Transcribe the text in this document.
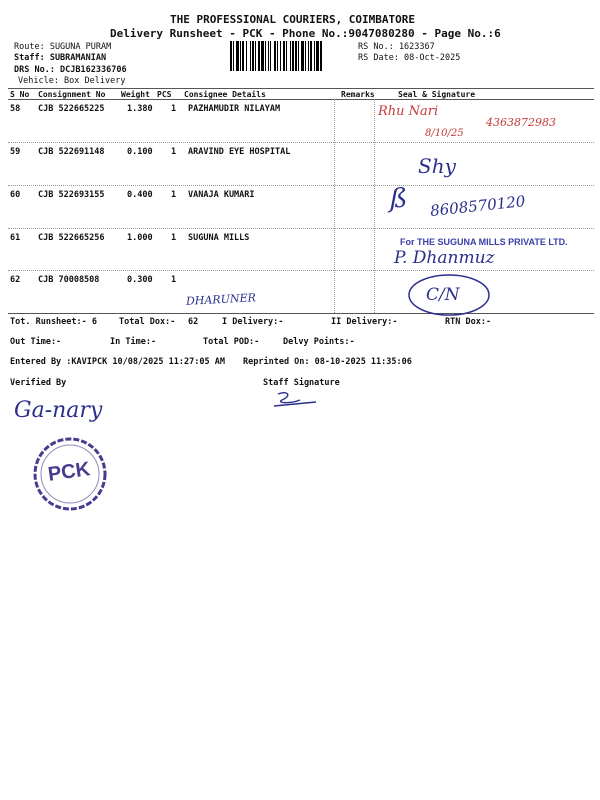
THE PROFESSIONAL COURIERS, COIMBATORE
Delivery Runsheet - PCK - Phone No.:9047080280 - Page No.:6
Route: SUGUNA PURAM
Staff: SUBRAMANIAN
DRS No.: DCJB162336706
Vehicle: Box Delivery
RS No.: 1623367
RS Date: 08-Oct-2025
S No Consignment No Weight PCS Consignee Details	Remarks	Seal & Signature
58 CJB 522665225	1.380 1 PAZHAMUDIR NILAYAM
59 CJB 522691148	0.100 1 ARAVIND EYE HOSPITAL
60 CJB 522693155	0.400 1 VANAJA KUMARI
61 CJB 522665256	1.000 1 SUGUNA MILLS
62 CJB 70008508	0.300 1
Rhu Nari
8/10/25
4363872983
Shy
ß 8608570120
For THE SUGUNA MILLS PRIVATE LTD.
P. Dhanmuz
DHARUNER	C/N
Tot. Runsheet:- 6	Total Dox:- 62	I Delivery:-	II Delivery:-	RTN Dox:-
Out Time:-	In Time:-	Total POD:-	Delvy Points:-
Entered By :KAVIPCK 10/08/2025 11:27:05 AM Reprinted On: 08-10-2025 11:35:06
Verified By	Staff Signature
Ga-nary
PCK
